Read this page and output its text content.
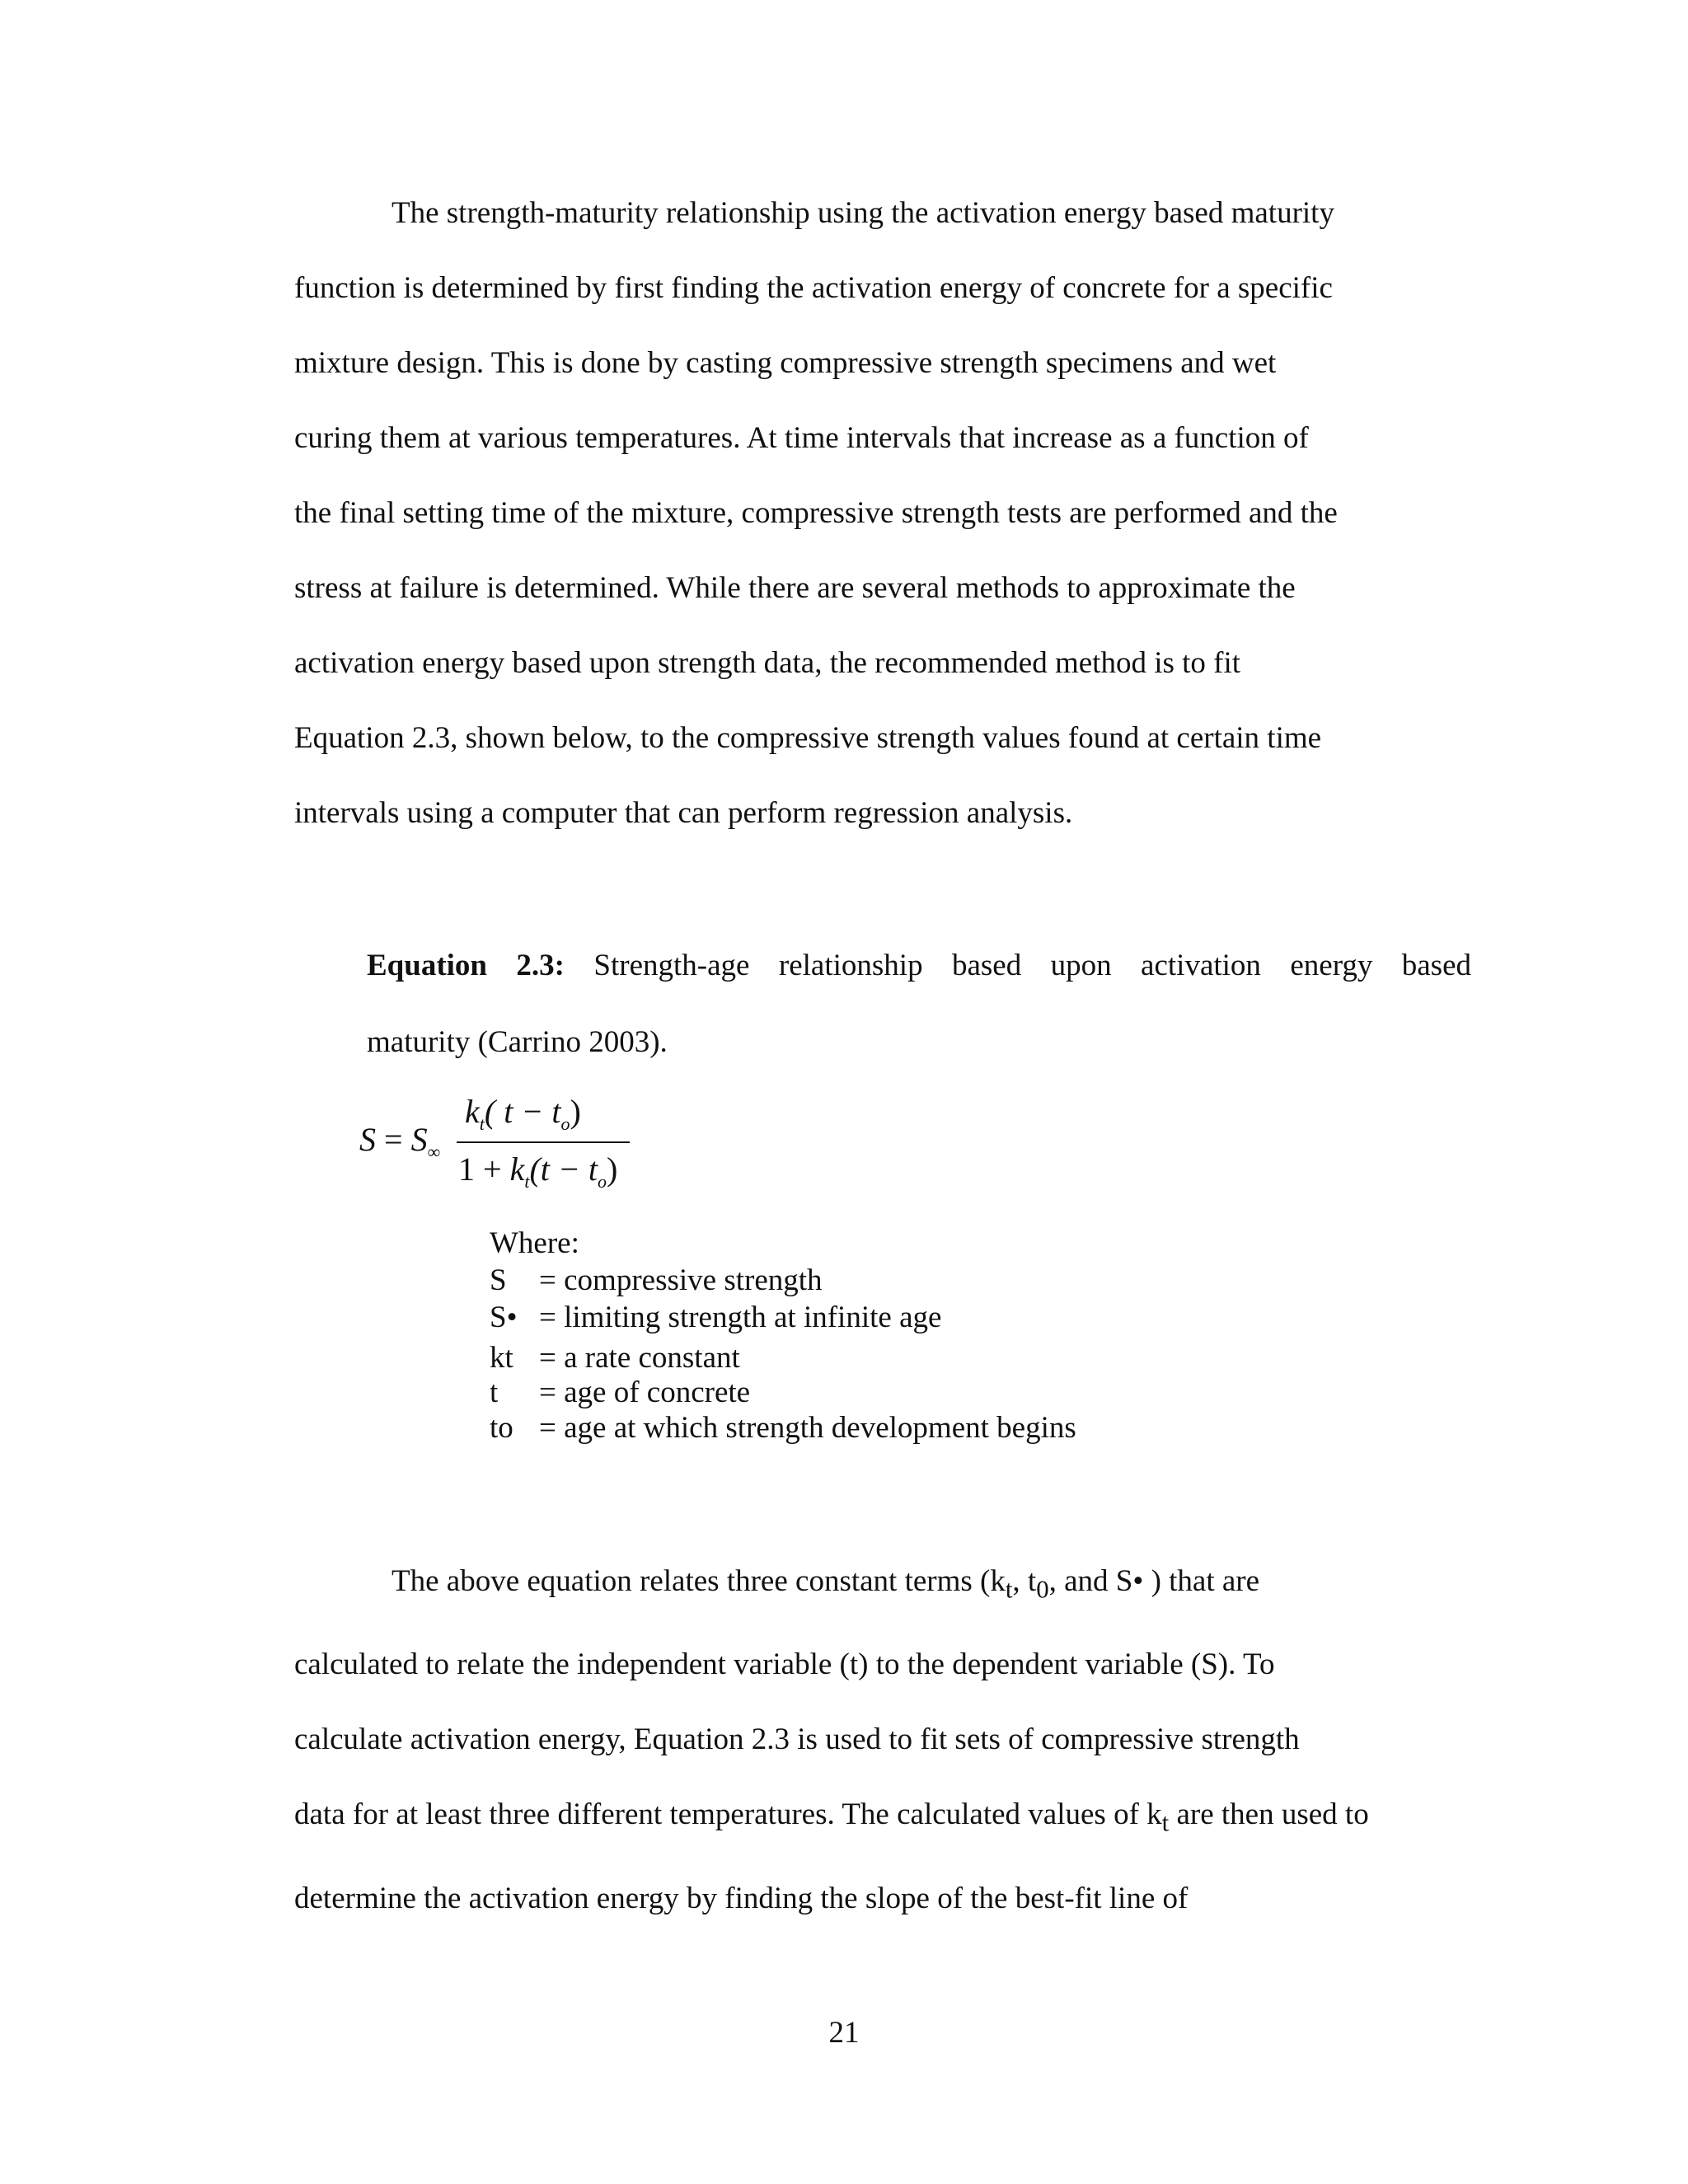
The strength-maturity relationship using the activation energy based maturity
function is determined by first finding the activation energy of concrete for a specific
mixture design. This is done by casting compressive strength specimens and wet
curing them at various temperatures. At time intervals that increase as a function of
the final setting time of the mixture, compressive strength tests are performed and the
stress at failure is determined. While there are several methods to approximate the
activation energy based upon strength data, the recommended method is to fit
Equation 2.3, shown below, to the compressive strength values found at certain time
intervals using a computer that can perform regression analysis.
Equation 2.3: Strength-age relationship based upon activation energy based
maturity (Carrino 2003).
$S = S_\infty$
$k_t$( $t - t_o$)
$1 + k_t(t - t_o)$
Where:
S = compressive strength
S• = limiting strength at infinite age
kt = a rate constant
t = age of concrete
to = age at which strength development begins
The above equation relates three constant terms ($k_t$, $t_0$, and S• ) that are
calculated to relate the independent variable (t) to the dependent variable (S). To
calculate activation energy, Equation 2.3 is used to fit sets of compressive strength
data for at least three different temperatures. The calculated values of $k_t$ are then used to
determine the activation energy by finding the slope of the best-fit line of
21
